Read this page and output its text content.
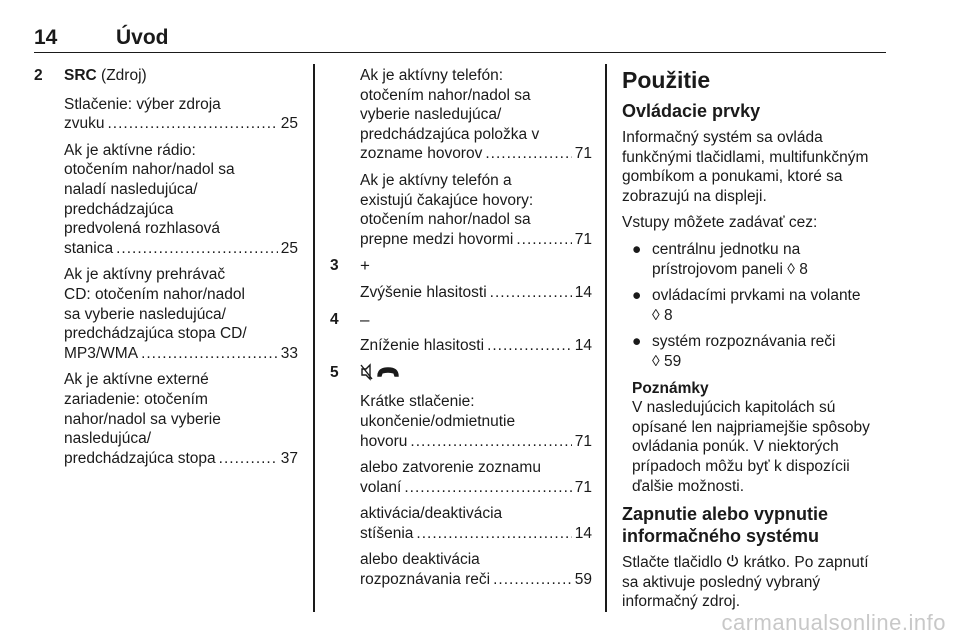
14	Úvod
2 SRC (Zdroj)
Stlačenie: výber zdroja
zvuku .....	25
Ak je aktívne rádio:
otočením nahor/nadol sa
naladí nasledujúca/
predchádzajúca
predvolená rozhlasová
stanica .....	25
Ak je aktívny prehrávač
CD: otočením nahor/nadol
sa vyberie nasledujúca/
predchádzajúca stopa CD/
MP3/WMA .....	33
Ak je aktívne externé
zariadenie: otočením
nahor/nadol sa vyberie
nasledujúca/
predchádzajúca stopa .....	37
Ak je aktívny telefón:
otočením nahor/nadol sa
vyberie nasledujúca/
predchádzajúca položka v
zozname hovorov .....	71
Ak je aktívny telefón a
existujú čakajúce hovory:
otočením nahor/nadol sa
prepne medzi hovormi .....	71
3 +
Zvýšenie hlasitosti .....	14
4 –
Zníženie hlasitosti .....	14
5
Krátke stlačenie:
ukončenie/odmietnutie
hovoru .....	71
alebo zatvorenie zoznamu
volaní .....	71
aktivácia/deaktivácia
stíšenia .....	14
alebo deaktivácia
rozpoznávania reči .....	59
Použitie
Ovládacie prvky
Informačný systém sa ovláda
funkčnými tlačidlami, multifunkčným
gombíkom a ponukami, ktoré sa
zobrazujú na displeji.
Vstupy môžete zadávať cez:
● centrálnu jednotku na
prístrojovom paneli ◊ 8
● ovládacími prvkami na volante
◊ 8
● systém rozpoznávania reči
◊ 59
Poznámky
V nasledujúcich kapitolách sú
opísané len najpriamejšie spôsoby
ovládania ponúk. V niektorých
prípadoch môžu byť k dispozícii
ďalšie možnosti.
Zapnutie alebo vypnutie
informačného systému
Stlačte tlačidlo krátko. Po zapnutí
sa aktivuje posledný vybraný
informačný zdroj.
carmanualsonline.info
